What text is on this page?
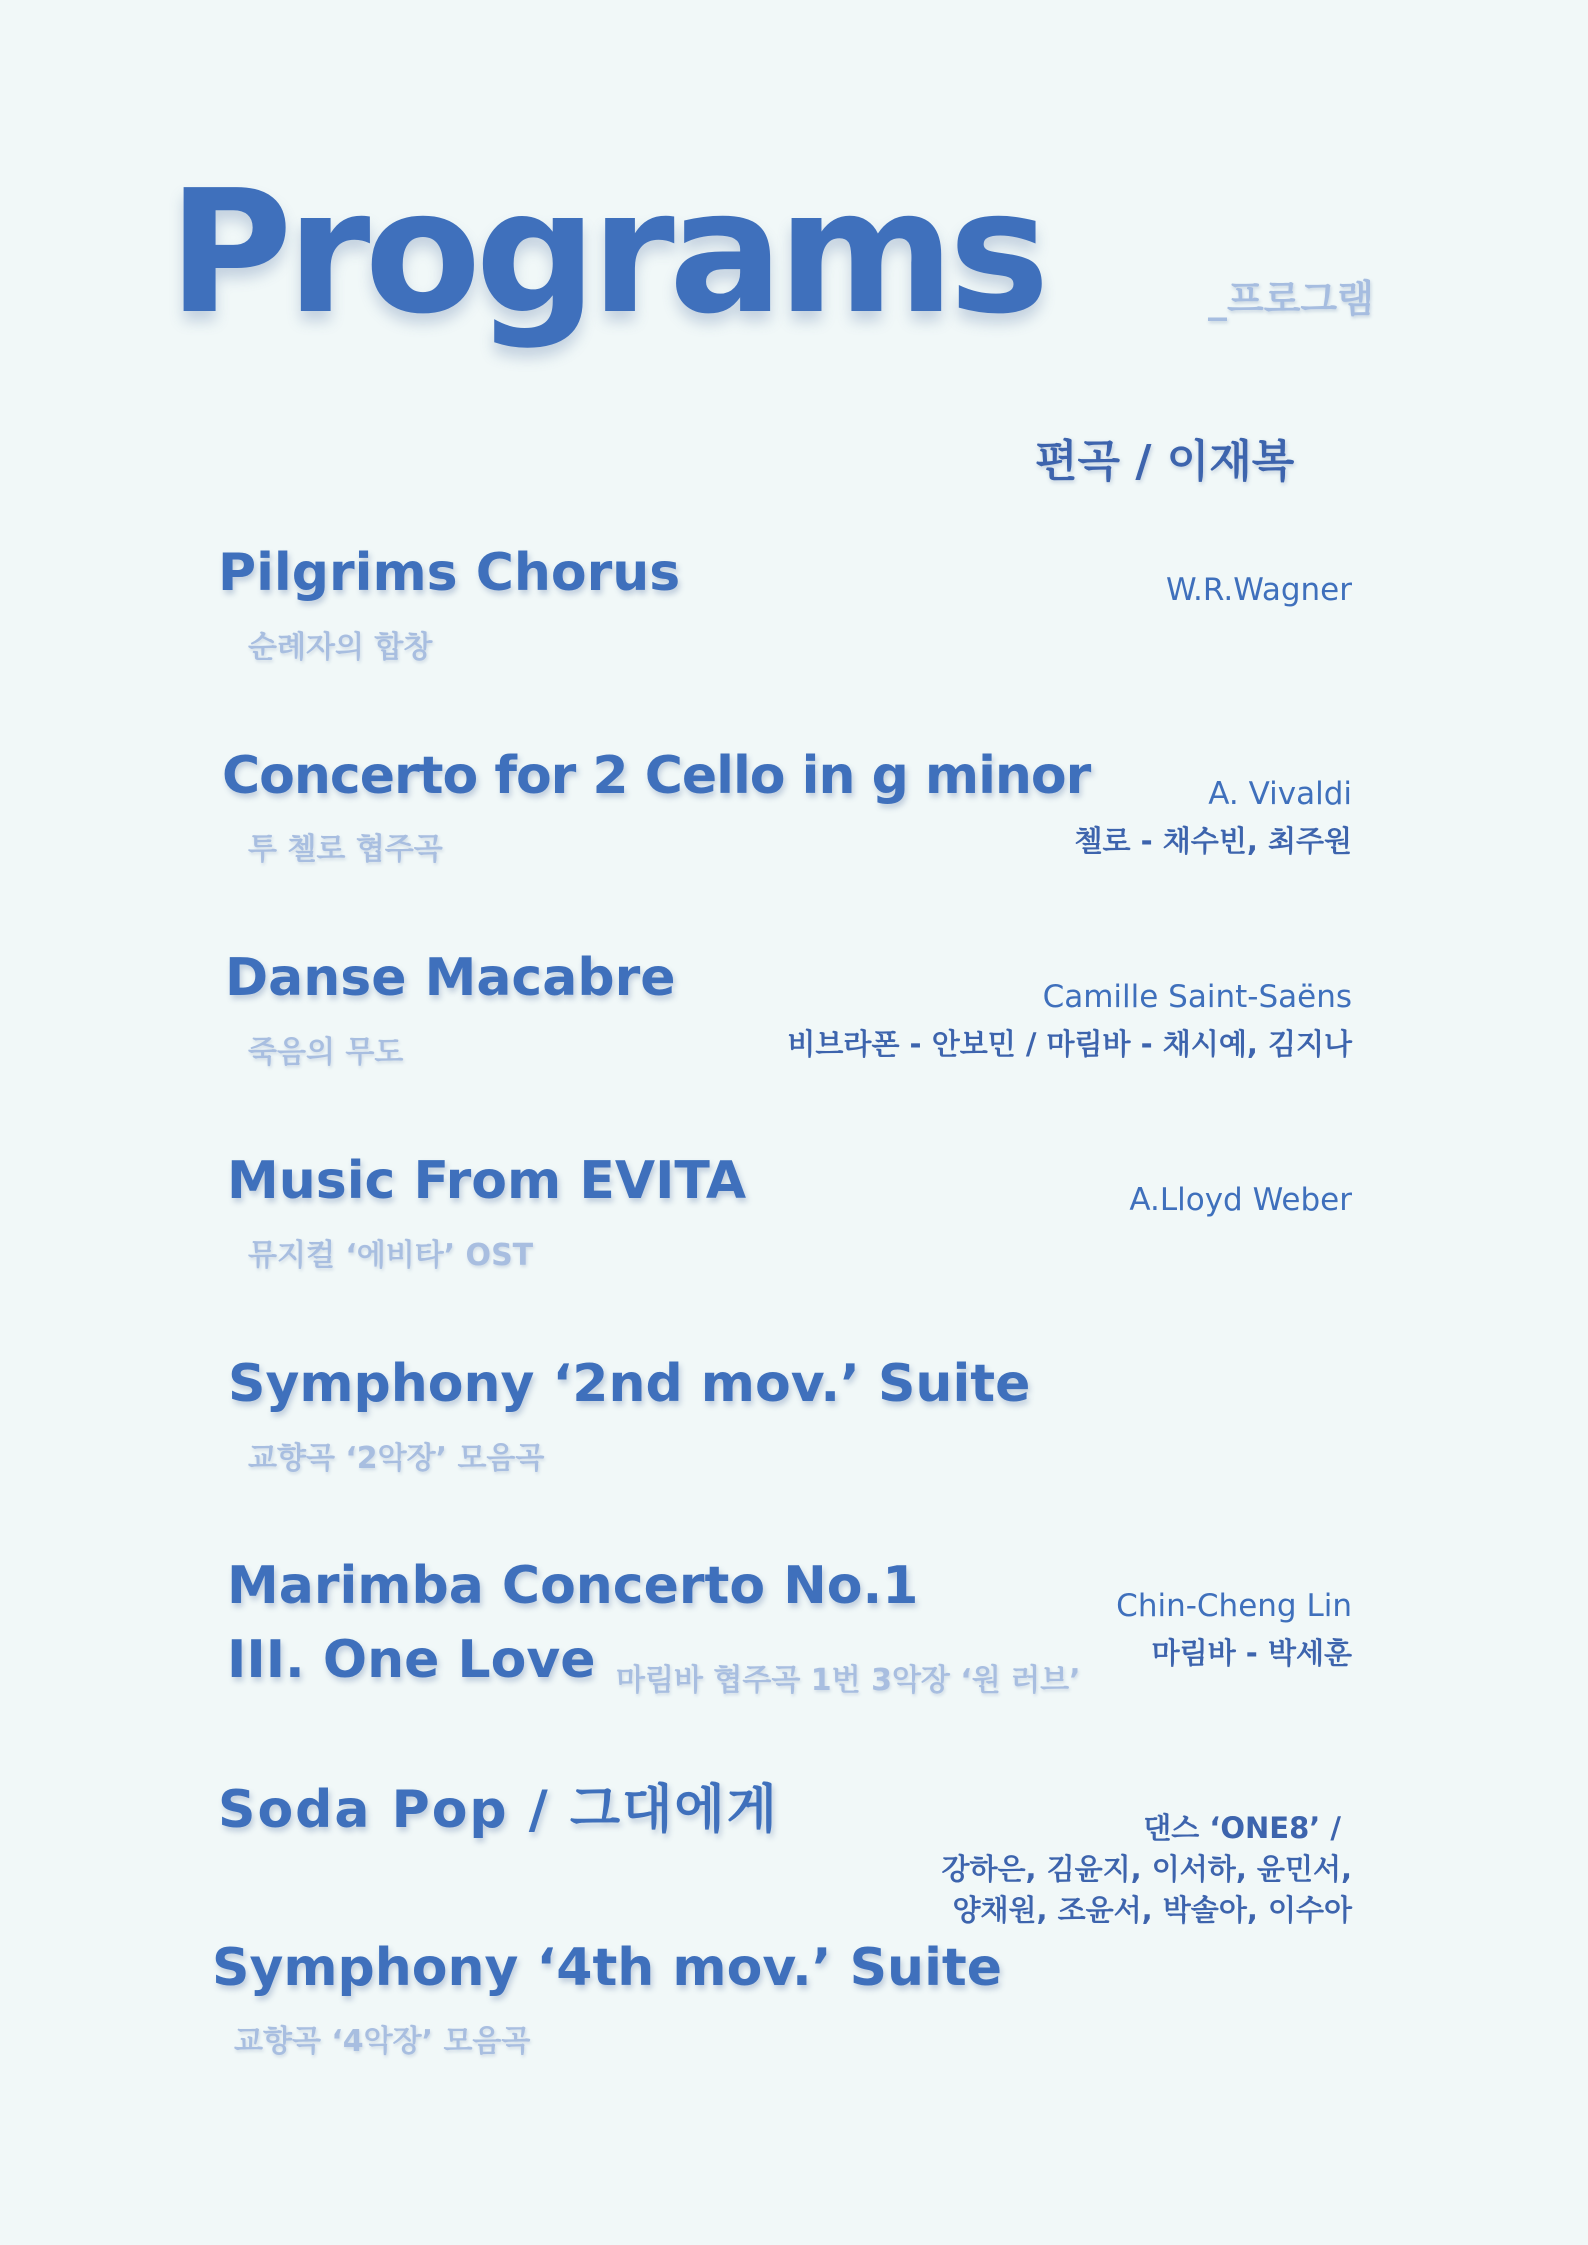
Programs	_프로그램
편곡 / 이재복
Pilgrims Chorus
순례자의 합창
W.R.Wagner
Concerto for 2 Cello in g minor
투 첼로 협주곡
A. Vivaldi
첼로 - 채수빈, 최주원
Danse Macabre
죽음의 무도
Camille Saint-Saëns
비브라폰 - 안보민 / 마림바 - 채시예, 김지나
Music From EVITA
뮤지컬 ‘에비타’ OST
A.Lloyd Weber
Symphony ‘2nd mov.’ Suite
교향곡 ‘2악장’ 모음곡
Marimba Concerto No.1
III. One Love 마림바 협주곡 1번 3악장 ‘원 러브’
Chin-Cheng Lin
마림바 - 박세훈
Soda Pop / 그대에게	댄스 ‘ONE8’ /
강하은, 김윤지, 이서하, 윤민서,
양채원, 조윤서, 박솔아, 이수아
Symphony ‘4th mov.’ Suite
교향곡 ‘4악장’ 모음곡
